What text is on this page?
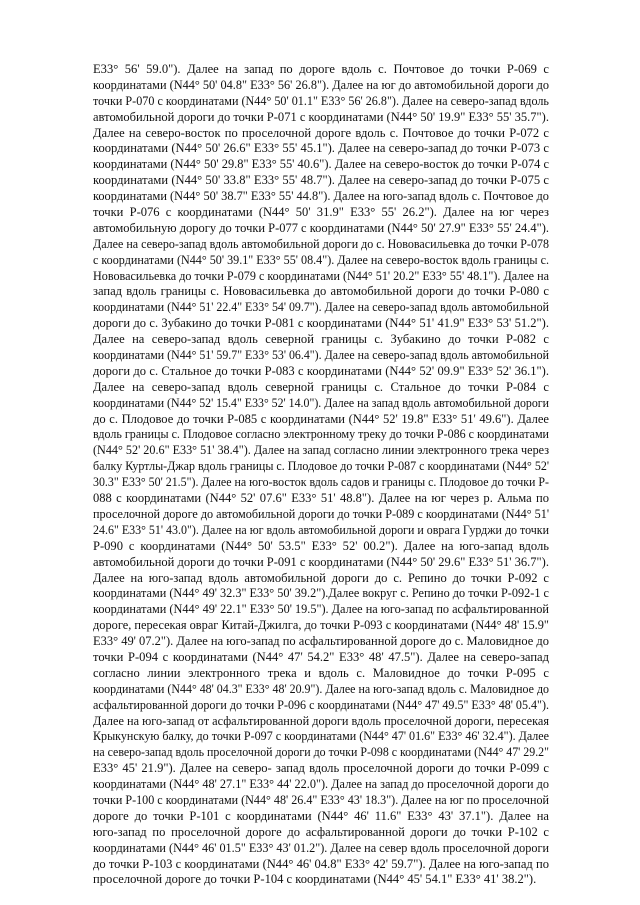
E33° 56' 59.0"). Далее на запад по дороге вдоль с. Почтовое до точки Р-069 с
координатами (N44° 50' 04.8" E33° 56' 26.8"). Далее на юг до автомобильной дороги до
точки Р-070 с координатами (N44° 50' 01.1" E33° 56' 26.8"). Далее на северо-запад вдоль
автомобильной дороги до точки Р-071 с координатами (N44° 50' 19.9" E33° 55' 35.7").
Далее на северо-восток по проселочной дороге вдоль с. Почтовое до точки Р-072 с
координатами (N44° 50' 26.6" E33° 55' 45.1"). Далее на северо-запад до точки Р-073 с
координатами (N44° 50' 29.8" E33° 55' 40.6"). Далее на северо-восток до точки Р-074 с
координатами (N44° 50' 33.8" E33° 55' 48.7"). Далее на северо-запад до точки Р-075 с
координатами (N44° 50' 38.7" E33° 55' 44.8"). Далее на юго-запад вдоль с. Почтовое до
точки Р-076 с координатами (N44° 50' 31.9" E33° 55' 26.2"). Далее на юг через
автомобильную дорогу до точки Р-077 с координатами (N44° 50' 27.9" E33° 55' 24.4").
Далее на северо-запад вдоль автомобильной дороги до с. Нововасильевка до точки Р-078
с координатами (N44° 50' 39.1" E33° 55' 08.4"). Далее на северо-восток вдоль границы с.
Нововасильевка до точки Р-079 с координатами (N44° 51' 20.2" E33° 55' 48.1"). Далее на
запад вдоль границы с. Нововасильевка до автомобильной дороги до точки Р-080 с
координатами (N44° 51' 22.4" E33° 54' 09.7"). Далее на северо-запад вдоль автомобильной
дороги до с. Зубакино до точки Р-081 с координатами (N44° 51' 41.9" E33° 53' 51.2").
Далее на северо-запад вдоль северной границы с. Зубакино до точки Р-082 с
координатами (N44° 51' 59.7" E33° 53' 06.4"). Далее на северо-запад вдоль автомобильной
дороги до с. Стальное до точки Р-083 с координатами (N44° 52' 09.9" E33° 52' 36.1").
Далее на северо-запад вдоль северной границы с. Стальное до точки Р-084 с
координатами (N44° 52' 15.4" E33° 52' 14.0"). Далее на запад вдоль автомобильной дороги
до с. Плодовое до точки Р-085 с координатами (N44° 52' 19.8" E33° 51' 49.6"). Далее
вдоль границы с. Плодовое согласно электронному треку до точки Р-086 с координатами
(N44° 52' 20.6" E33° 51' 38.4"). Далее на запад согласно линии электронного трека через
балку Куртлы-Джар вдоль границы с. Плодовое до точки Р-087 с координатами (N44° 52'
30.3" E33° 50' 21.5"). Далее на юго-восток вдоль садов и границы с. Плодовое до точки Р-
088 с координатами (N44° 52' 07.6" E33° 51' 48.8"). Далее на юг через р. Альма по
проселочной дороге до автомобильной дороги до точки Р-089 с координатами (N44° 51'
24.6" E33° 51' 43.0"). Далее на юг вдоль автомобильной дороги и оврага Гурджи до точки
Р-090 с координатами (N44° 50' 53.5" E33° 52' 00.2"). Далее на юго-запад вдоль
автомобильной дороги до точки Р-091 с координатами (N44° 50' 29.6" E33° 51' 36.7").
Далее на юго-запад вдоль автомобильной дороги до с. Репино до точки Р-092 с
координатами (N44° 49' 32.3" E33° 50' 39.2").Далее вокруг с. Репино до точки Р-092-1 с
координатами (N44° 49' 22.1" E33° 50' 19.5"). Далее на юго-запад по асфальтированной
дороге, пересекая овраг Китай-Джилга, до точки Р-093 с координатами (N44° 48' 15.9"
E33° 49' 07.2"). Далее на юго-запад по асфальтированной дороге до с. Маловидное до
точки Р-094 с координатами (N44° 47' 54.2" E33° 48' 47.5"). Далее на северо-запад
согласно линии электронного трека и вдоль с. Маловидное до точки Р-095 с
координатами (N44° 48' 04.3" E33° 48' 20.9"). Далее на юго-запад вдоль с. Маловидное до
асфальтированной дороги до точки Р-096 с координатами (N44° 47' 49.5" E33° 48' 05.4").
Далее на юго-запад от асфальтированной дороги вдоль проселочной дороги, пересекая
Крыкунскую балку, до точки Р-097 с координатами (N44° 47' 01.6" E33° 46' 32.4"). Далее
на северо-запад вдоль проселочной дороги до точки Р-098 с координатами (N44° 47' 29.2"
E33° 45' 21.9"). Далее на северо- запад вдоль проселочной дороги до точки Р-099 с
координатами (N44° 48' 27.1" E33° 44' 22.0"). Далее на запад до проселочной дороги до
точки Р-100 с координатами (N44° 48' 26.4" E33° 43' 18.3"). Далее на юг по проселочной
дороге до точки Р-101 с координатами (N44° 46' 11.6" E33° 43' 37.1"). Далее на
юго-запад по проселочной дороге до асфальтированной дороги до точки Р-102 с
координатами (N44° 46' 01.5" E33° 43' 01.2"). Далее на север вдоль проселочной дороги
до точки Р-103 с координатами (N44° 46' 04.8" E33° 42' 59.7"). Далее на юго-запад по
проселочной дороге до точки Р-104 с координатами (N44° 45' 54.1" E33° 41' 38.2").
